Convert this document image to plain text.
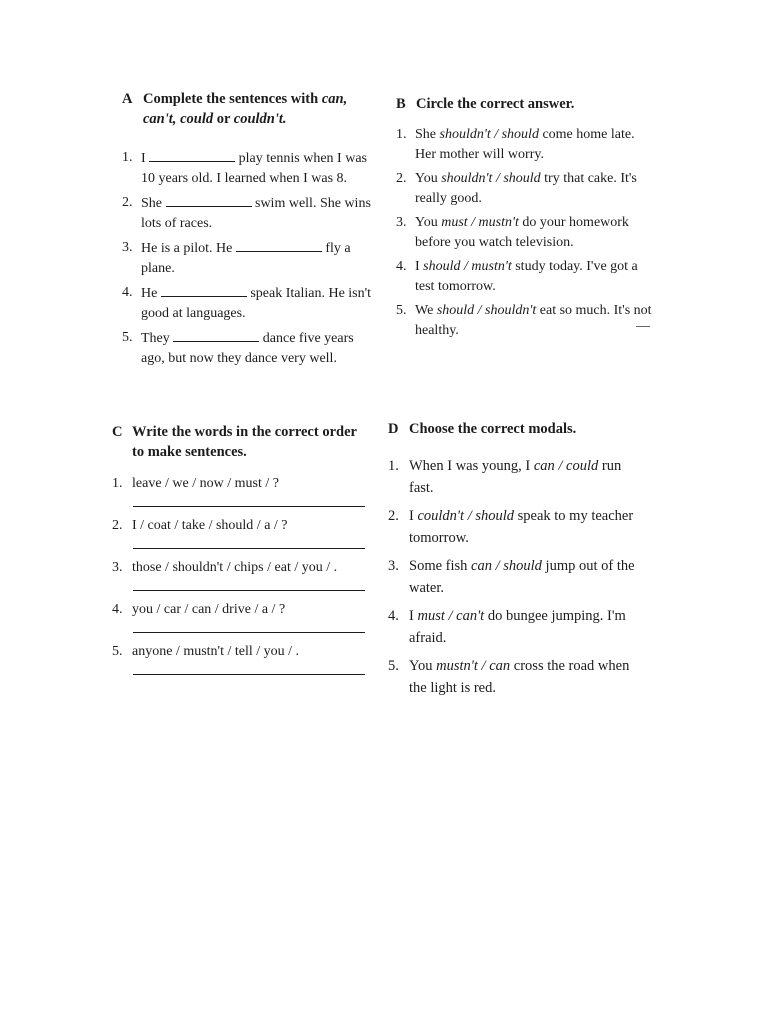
A Complete the sentences with can, can't, could or couldn't.
1. I	play tennis when I was 10 years old. I learned when I was 8.
2. She	swim well. She wins lots of races.
3. He is a pilot. He	fly a plane.
4. He	speak Italian. He isn't good at languages.
5. They	dance five years ago, but now they dance very well.
B Circle the correct answer.
1. She shouldn't / should come home late. Her mother will worry.
2. You shouldn't / should try that cake. It's really good.
3. You must / mustn't do your homework before you watch television.
4. I should / mustn't study today. I've got a test tomorrow.
5. We should / shouldn't eat so much. It's not healthy.
C Write the words in the correct order to make sentences.
1. leave / we / now / must / ?
2. I / coat / take / should / a / ?
3. those / shouldn't / chips / eat / you / .
4. you / car / can / drive / a / ?
5. anyone / mustn't / tell / you / .
D Choose the correct modals.
1. When I was young, I can / could run fast.
2. I couldn't / should speak to my teacher tomorrow.
3. Some fish can / should jump out of the water.
4. I must / can't do bungee jumping. I'm afraid.
5. You mustn't / can cross the road when the light is red.
